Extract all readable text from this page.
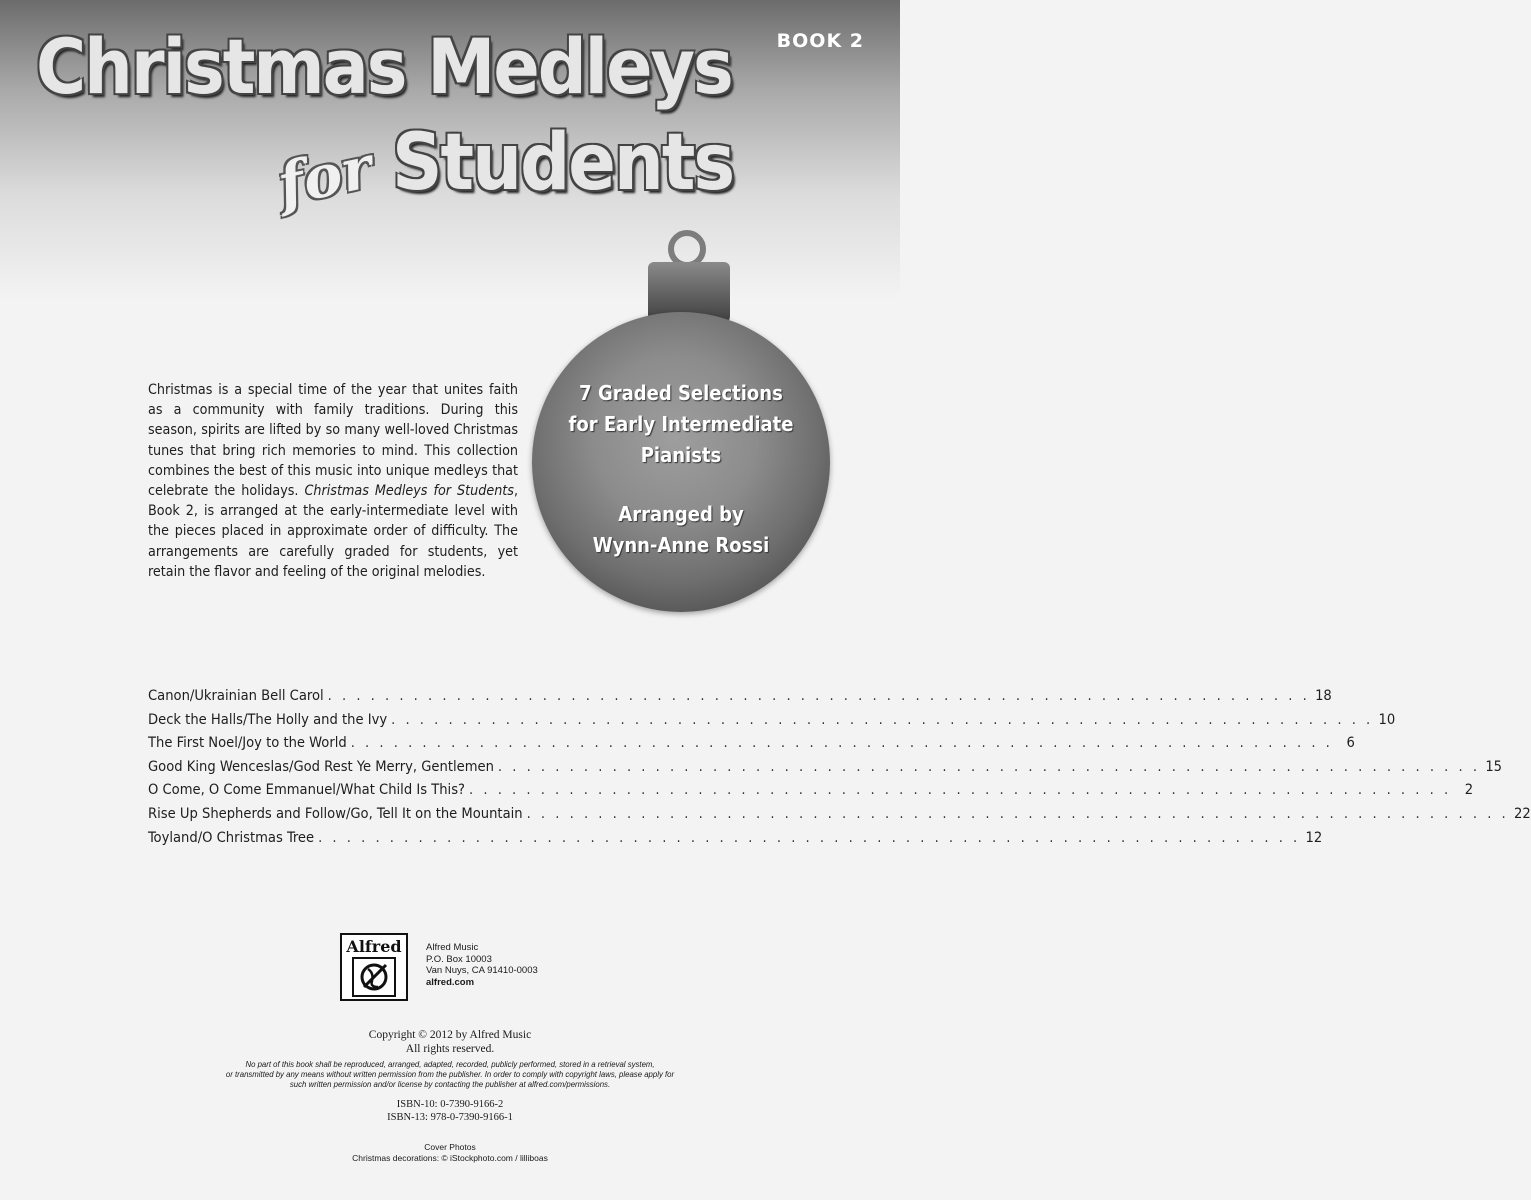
BOOK 2
Christmas Medleys
for Students
7 Graded Selections
for Early Intermediate
Pianists
Arranged by
Wynn-Anne Rossi
Christmas is a special time of the year that unites faith as a community with family traditions. During this season, spirits are lifted by so many well-loved Christmas tunes that bring rich memories to mind. This collection combines the best of this music into unique medleys that celebrate the holidays. Christmas Medleys for Students, Book 2, is arranged at the early-intermediate level with the pieces placed in approximate order of difficulty. The arrangements are carefully graded for students, yet retain the flavor and feeling of the original melodies.
Canon/Ukrainian Bell Carol . . . . . . . . . . . . . . . . . . . . . . . . . . . . . . . . . . . . . . . . . . . . . . . . . . . . . . . . . . . . . . . . . . . . . 18
Deck the Halls/The Holly and the Ivy . . . . . . . . . . . . . . . . . . . . . . . . . . . . . . . . . . . . . . . . . . . . . . . . . . . . . . . . . . . . . . . . . . . . . 10
The First Noel/Joy to the World . . . . . . . . . . . . . . . . . . . . . . . . . . . . . . . . . . . . . . . . . . . . . . . . . . . . . . . . . . . . . . . . . . . . . 6
Good King Wenceslas/God Rest Ye Merry, Gentlemen . . . . . . . . . . . . . . . . . . . . . . . . . . . . . . . . . . . . . . . . . . . . . . . . . . . . . . . . . . . . . . . . . . . . . 15
O Come, O Come Emmanuel/What Child Is This? . . . . . . . . . . . . . . . . . . . . . . . . . . . . . . . . . . . . . . . . . . . . . . . . . . . . . . . . . . . . . . . . . . . . . 2
Rise Up Shepherds and Follow/Go, Tell It on the Mountain . . . . . . . . . . . . . . . . . . . . . . . . . . . . . . . . . . . . . . . . . . . . . . . . . . . . . . . . . . . . . . . . . . . . . 22
Toyland/O Christmas Tree . . . . . . . . . . . . . . . . . . . . . . . . . . . . . . . . . . . . . . . . . . . . . . . . . . . . . . . . . . . . . . . . . . . . . 12
Alfred	Alfred Music
P.O. Box 10003
Van Nuys, CA 91410-0003
alfred.com
Copyright © 2012 by Alfred Music
All rights reserved.
No part of this book shall be reproduced, arranged, adapted, recorded, publicly performed, stored in a retrieval system,
or transmitted by any means without written permission from the publisher. In order to comply with copyright laws, please apply for
such written permission and/or license by contacting the publisher at alfred.com/permissions.
ISBN-10: 0-7390-9166-2
ISBN-13: 978-0-7390-9166-1
Cover Photos
Christmas decorations: © iStockphoto.com / lilliboas
